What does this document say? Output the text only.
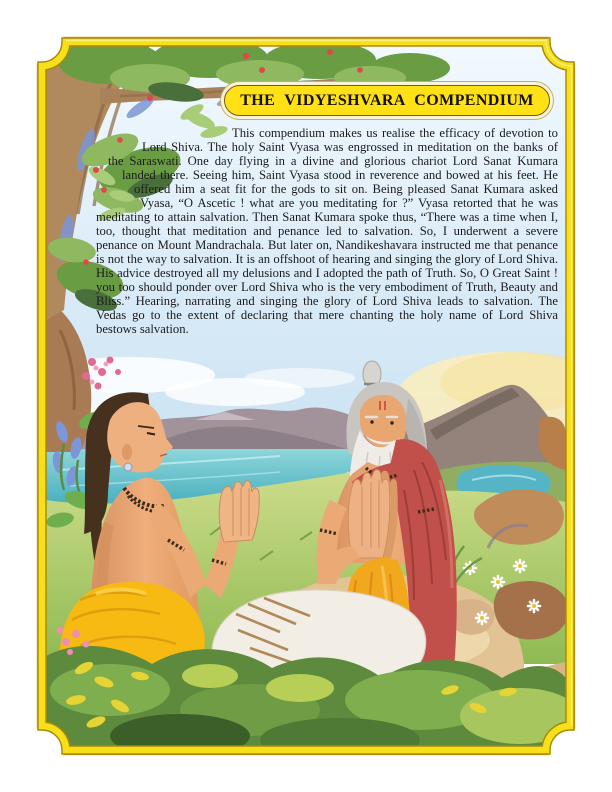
THE VIDYESHVARA COMPENDIUM

This compendium makes us realise the efficacy of devotion to Lord Shiva. The holy Saint Vyasa was engrossed in meditation on the banks of the Saraswati. One day flying in a divine and glorious chariot Lord Sanat Kumara landed there. Seeing him, Saint Vyasa stood in reverence and bowed at his feet. He offered him a seat fit for the gods to sit on. Being pleased Sanat Kumara asked Vyasa, “O Ascetic ! what are you meditating for ?” Vyasa retorted that he was meditating to attain salvation. Then Sanat Kumara spoke thus, “There was a time when I, too, thought that meditation and penance led to salvation. So, I underwent a severe penance on Mount Mandrachala. But later on, Nandikeshavara instructed me that penance is not the way to salvation. It is an offshoot of hearing and singing the glory of Lord Shiva. His advice destroyed all my delusions and I adopted the path of Truth. So, O Great Saint ! you too should ponder over Lord Shiva who is the very embodiment of Truth, Beauty and Bliss.” Hearing, narrating and singing the glory of Lord Shiva leads to salvation. The Vedas go to the extent of declaring that mere chanting the holy name of Lord Shiva bestows salvation.
